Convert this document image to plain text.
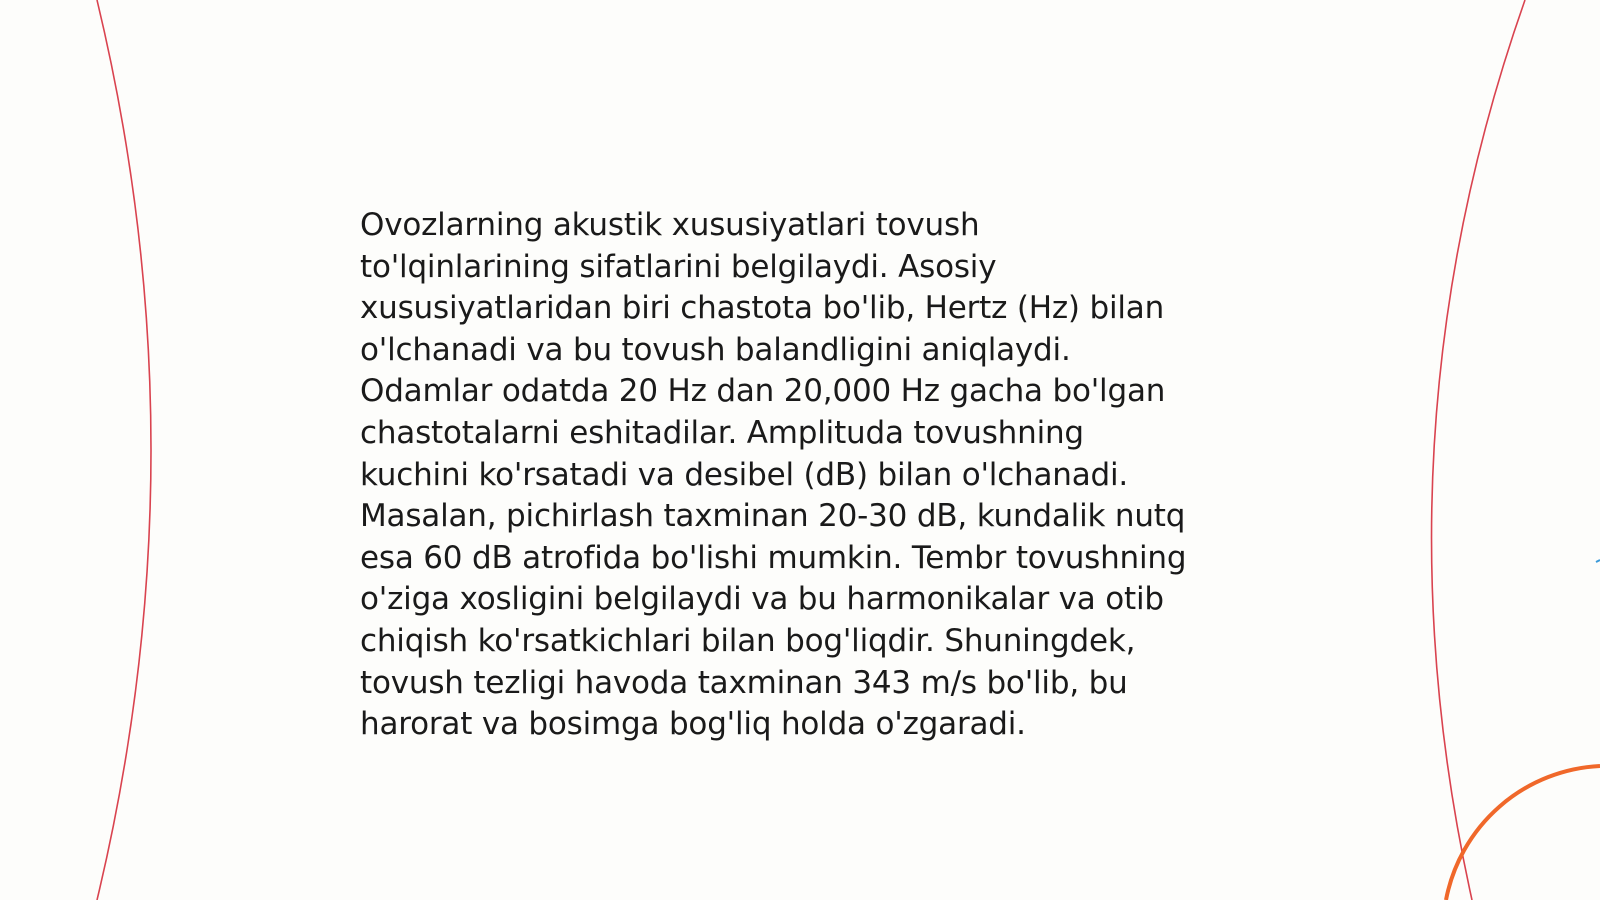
Ovozlarning akustik xususiyatlari tovush
to'lqinlarining sifatlarini belgilaydi. Asosiy
xususiyatlaridan biri chastota bo'lib, Hertz (Hz) bilan
o'lchanadi va bu tovush balandligini aniqlaydi.
Odamlar odatda 20 Hz dan 20,000 Hz gacha bo'lgan
chastotalarni eshitadilar. Amplituda tovushning
kuchini ko'rsatadi va desibel (dB) bilan o'lchanadi.
Masalan, pichirlash taxminan 20-30 dB, kundalik nutq
esa 60 dB atrofida bo'lishi mumkin. Tembr tovushning
o'ziga xosligini belgilaydi va bu harmonikalar va otib
chiqish ko'rsatkichlari bilan bog'liqdir. Shuningdek,
tovush tezligi havoda taxminan 343 m/s bo'lib, bu
harorat va bosimga bog'liq holda o'zgaradi.
